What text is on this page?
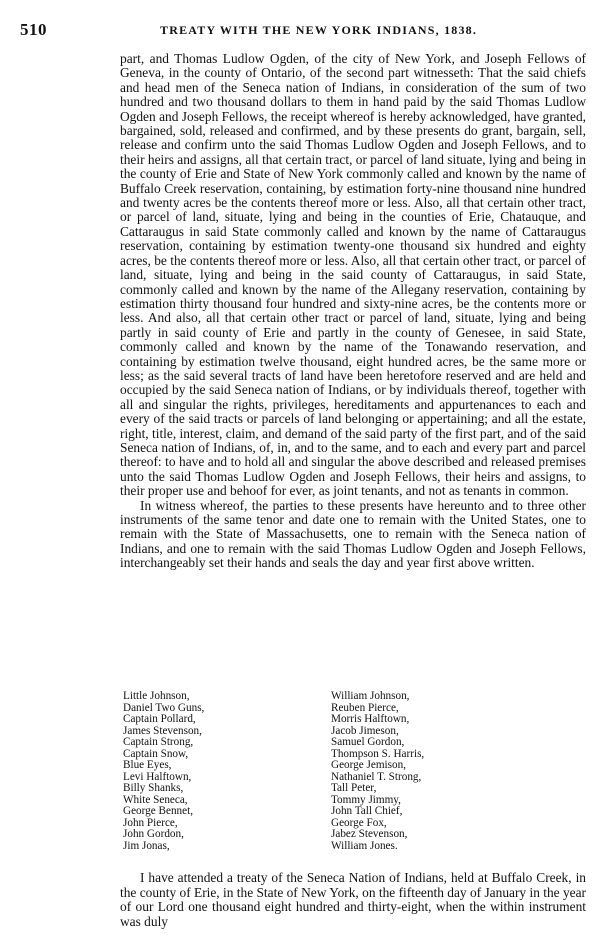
510	TREATY WITH THE NEW YORK INDIANS, 1838.

part, and Thomas Ludlow Ogden, of the city of New York, and Joseph Fellows of Geneva, in the county of Ontario, of the second part witnesseth: That the said chiefs and head men of the Seneca nation of Indians, in consideration of the sum of two hundred and two thousand dollars to them in hand paid by the said Thomas Ludlow Ogden and Joseph Fellows, the receipt whereof is hereby acknowledged, have granted, bargained, sold, released and confirmed, and by these presents do grant, bargain, sell, release and confirm unto the said Thomas Ludlow Ogden and Joseph Fellows, and to their heirs and assigns, all that certain tract, or parcel of land situate, lying and being in the county of Erie and State of New York commonly called and known by the name of Buffalo Creek reservation, containing, by estimation forty-nine thousand nine hundred and twenty acres be the contents thereof more or less. Also, all that certain other tract, or parcel of land, situate, lying and being in the counties of Erie, Chatauque, and Cattaraugus in said State commonly called and known by the name of Cattaraugus reservation, containing by estimation twenty-one thousand six hundred and eighty acres, be the contents thereof more or less. Also, all that certain other tract, or parcel of land, situate, lying and being in the said county of Cattaraugus, in said State, commonly called and known by the name of the Allegany reservation, containing by estimation thirty thousand four hundred and sixty-nine acres, be the contents more or less. And also, all that certain other tract or parcel of land, situate, lying and being partly in said county of Erie and partly in the county of Genesee, in said State, commonly called and known by the name of the Tonawando reservation, and containing by estimation twelve thousand, eight hundred acres, be the same more or less; as the said several tracts of land have been heretofore reserved and are held and occupied by the said Seneca nation of Indians, or by individuals thereof, together with all and singular the rights, privileges, hereditaments and appurtenances to each and every of the said tracts or parcels of land belonging or appertaining; and all the estate, right, title, interest, claim, and demand of the said party of the first part, and of the said Seneca nation of Indians, of, in, and to the same, and to each and every part and parcel thereof: to have and to hold all and singular the above described and released premises unto the said Thomas Ludlow Ogden and Joseph Fellows, their heirs and assigns, to their proper use and behoof for ever, as joint tenants, and not as tenants in common.

In witness whereof, the parties to these presents have hereunto and to three other instruments of the same tenor and date one to remain with the United States, one to remain with the State of Massachusetts, one to remain with the Seneca nation of Indians, and one to remain with the said Thomas Ludlow Ogden and Joseph Fellows, interchangeably set their hands and seals the day and year first above written.

Little Johnson,
Daniel Two Guns,
Captain Pollard,
James Stevenson,
Captain Strong,
Captain Snow,
Blue Eyes,
Levi Halftown,
Billy Shanks,
White Seneca,
George Bennet,
John Pierce,
John Gordon,
Jim Jonas,
William Johnson,
Reuben Pierce,
Morris Halftown,
Jacob Jimeson,
Samuel Gordon,
Thompson S. Harris,
George Jemison,
Nathaniel T. Strong,
Tall Peter,
Tommy Jimmy,
John Tall Chief,
George Fox,
Jabez Stevenson,
William Jones.

I have attended a treaty of the Seneca Nation of Indians, held at Buffalo Creek, in the county of Erie, in the State of New York, on the fifteenth day of January in the year of our Lord one thousand eight hundred and thirty-eight, when the within instrument was duly
